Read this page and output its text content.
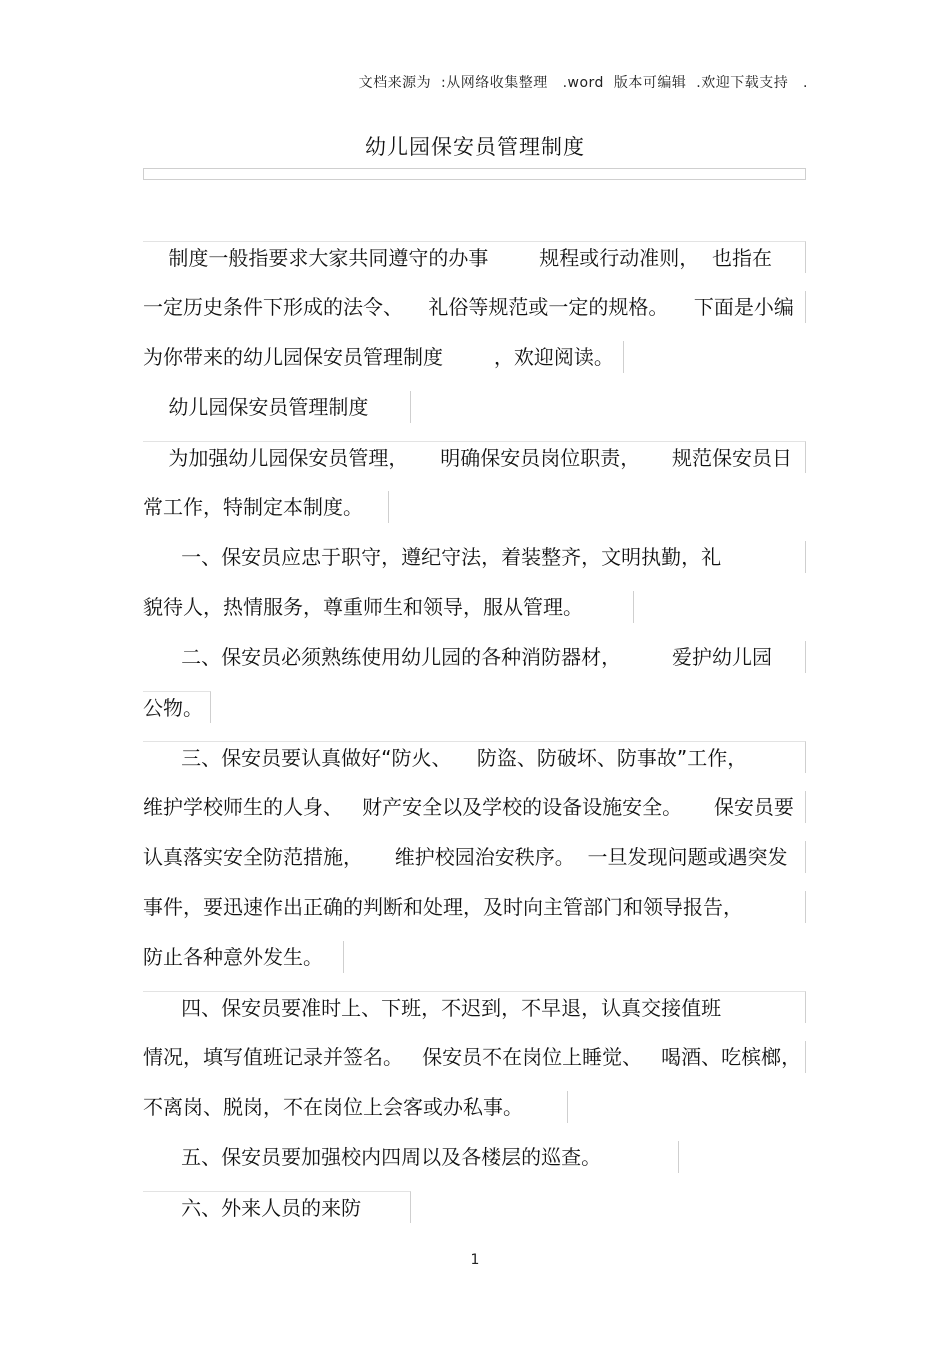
文档来源为  :从网络收集整理   .word  版本可编辑  .欢迎下载支持   .
幼儿园保安员管理制度
制度一般指要求大家共同遵守的办事        规程或行动准则，  也指在
一定历史条件下形成的法令、    礼俗等规范或一定的规格。    下面是小编
为你带来的幼儿园保安员管理制度        ，欢迎阅读。
幼儿园保安员管理制度
为加强幼儿园保安员管理，     明确保安员岗位职责，     规范保安员日
常工作，特制定本制度。
一、保安员应忠于职守，遵纪守法，着装整齐，文明执勤，礼
貌待人，热情服务，尊重师生和领导，服从管理。
二、保安员必须熟练使用幼儿园的各种消防器材，        爱护幼儿园
公物。
三、保安员要认真做好“防火、    防盗、防破坏、防事故”工作，
维护学校师生的人身、   财产安全以及学校的设备设施安全。     保安员要
认真落实安全防范措施，     维护校园治安秩序。  一旦发现问题或遇突发
事件，要迅速作出正确的判断和处理，及时向主管部门和领导报告，
防止各种意外发生。
四、保安员要准时上、下班，不迟到，不早退，认真交接值班
情况，填写值班记录并签名。   保安员不在岗位上睡觉、   喝酒、吃槟榔，
不离岗、脱岗，不在岗位上会客或办私事。
五、保安员要加强校内四周以及各楼层的巡查。
六、外来人员的来防
1
